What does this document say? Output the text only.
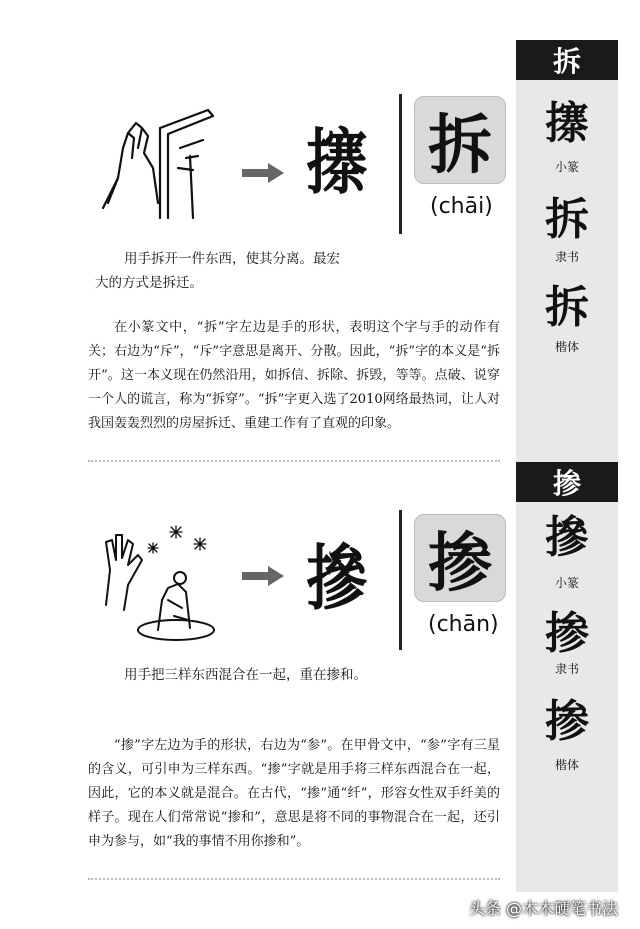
拆
㩟
小篆
拆
隶书
拆
楷体
㩟 拆
(chāi)
用手拆开一件东西，使其分离。最宏
大的方式是拆迁。
在小篆文中，“拆”字左边是手的形状，表明这个字与手的动作有关；右边为“斥”，“斥”字意思是离开、分散。因此，“拆”字的本义是“拆开”。这一本义现在仍然沿用，如拆信、拆除、拆毁，等等。点破、说穿一个人的谎言，称为“拆穿”。“拆”字更入选了2010网络最热词，让人对我国轰轰烈烈的房屋拆迁、重建工作有了直观的印象。
掺
摻
小篆
掺
隶书
掺
楷体
摻 掺
(chān)
用手把三样东西混合在一起，重在掺和。
“掺”字左边为手的形状，右边为“参”。在甲骨文中，“参”字有三星的含义，可引申为三样东西。“掺”字就是用手将三样东西混合在一起，因此，它的本义就是混合。在古代，“掺”通“纤”，形容女性双手纤美的样子。现在人们常常说“掺和”，意思是将不同的事物混合在一起，还引申为参与，如“我的事情不用你掺和”。
头条 @木木硬笔书法
